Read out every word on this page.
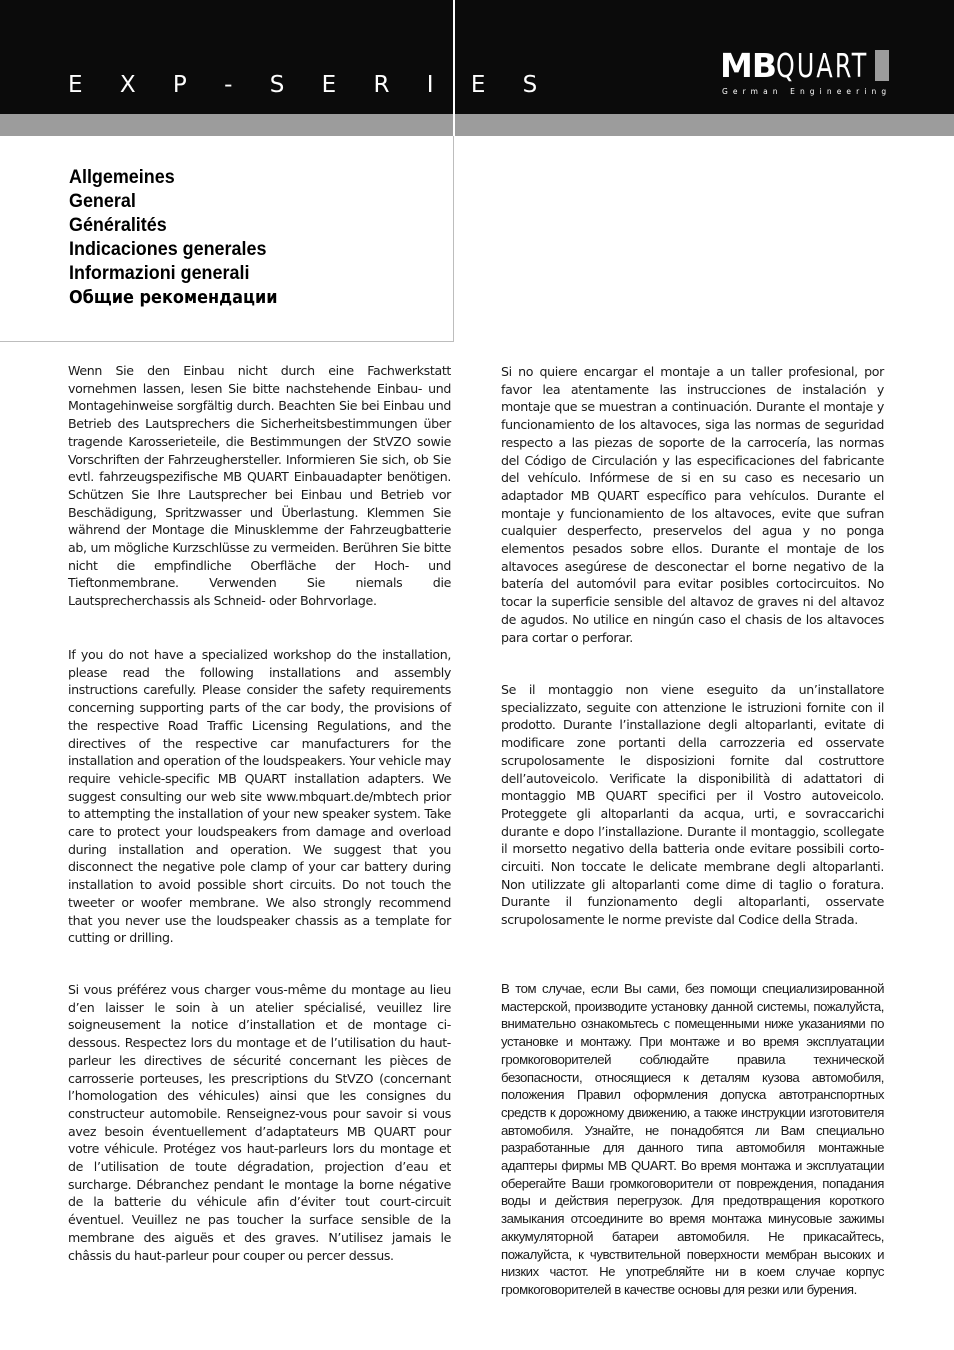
E X P - S E R I E S	MBQUART
German Engineering
Allgemeines
General
Généralités
Indicaciones generales
Informazioni generali
Общие рекомендации

Wenn Sie den Einbau nicht durch eine Fachwerkstatt vornehmen lassen, lesen Sie bitte nachstehende Einbau- und Montagehinweise sorgfältig durch. Beachten Sie bei Einbau und Betrieb des Lautsprechers die Sicherheitsbestimmungen über tragende Karosserieteile, die Bestimmungen der StVZO sowie Vorschriften der Fahrzeughersteller. Informieren Sie sich, ob Sie evtl. fahrzeugspezifische MB QUART Einbauadapter benötigen. Schützen Sie Ihre Lautsprecher bei Einbau und Betrieb vor Beschädigung, Spritzwasser und Überlastung. Klemmen Sie während der Montage die Minusklemme der Fahrzeugbatterie ab, um mögliche Kurzschlüsse zu vermeiden. Berühren Sie bitte nicht die empfindliche Oberfläche der Hoch- und Tieftonmembrane. Verwenden Sie niemals die Lautsprecherchassis als Schneid- oder Bohrvorlage.

If you do not have a specialized workshop do the installation, please read the following installations and assembly instructions carefully. Please consider the safety requirements concerning supporting parts of the car body, the provisions of the respective Road Traffic Licensing Regulations, and the directives of the respective car manufacturers for the installation and operation of the loudspeakers. Your vehicle may require vehicle-specific MB QUART installation adapters. We suggest consulting our web site www.mbquart.de/mbtech prior to attempting the installation of your new speaker system. Take care to protect your loudspeakers from damage and overload during installation and operation. We suggest that you disconnect the negative pole clamp of your car battery during installation to avoid possible short circuits. Do not touch the tweeter or woofer membrane. We also strongly recommend that you never use the loudspeaker chassis as a template for cutting or drilling.

Si vous préférez vous charger vous-même du montage au lieu d’en laisser le soin à un atelier spécialisé, veuillez lire soigneusement la notice d’installation et de montage ci-dessous. Respectez lors du montage et de l’utilisation du haut-parleur les directives de sécurité concernant les pièces de carrosserie porteuses, les prescriptions du StVZO (concernant l’homologation des véhicules) ainsi que les consignes du constructeur automobile. Renseignez-vous pour savoir si vous avez besoin éventuellement d’adaptateurs MB QUART pour votre véhicule. Protégez vos haut-parleurs lors du montage et de l’utilisation de toute dégradation, projection d’eau et surcharge. Débranchez pendant le montage la borne négative de la batterie du véhicule afin d’éviter tout court-circuit éventuel. Veuillez ne pas toucher la surface sensible de la membrane des aiguës et des graves. N’utilisez jamais le châssis du haut-parleur pour couper ou percer dessus.

Si no quiere encargar el montaje a un taller profesional, por favor lea atentamente las instrucciones de instalación y montaje que se muestran a continuación. Durante el montaje y funcionamiento de los altavoces, siga las normas de seguridad respecto a las piezas de soporte de la carrocería, las normas del Código de Circulación y las especificaciones del fabricante del vehículo. Infórmese de si en su caso es necesario un adaptador MB QUART específico para vehículos. Durante el montaje y funcionamiento de los altavoces, evite que sufran cualquier desperfecto, preservelos del agua y no ponga elementos pesados sobre ellos. Durante el montaje de los altavoces asegúrese de desconectar el borne negativo de la batería del automóvil para evitar posibles cortocircuitos. No tocar la superficie sensible del altavoz de graves ni del altavoz de agudos. No utilice en ningún caso el chasis de los altavoces para cortar o perforar.

Se il montaggio non viene eseguito da un’installatore specializzato, seguite con attenzione le istruzioni fornite con il prodotto. Durante l’installazione degli altoparlanti, evitate di modificare zone portanti della carrozzeria ed osservate scrupolosamente le disposizioni fornite dal costruttore dell’autoveicolo. Verificate la disponibilità di adattatori di montaggio MB QUART specifici per il Vostro autoveicolo. Proteggete gli altoparlanti da acqua, urti, e sovraccarichi durante e dopo l’installazione. Durante il montaggio, scollegate il morsetto negativo della batteria onde evitare possibili corto-circuiti. Non toccate le delicate membrane degli altoparlanti. Non utilizzate gli altoparlanti come dime di taglio o foratura. Durante il funzionamento degli altoparlanti, osservate scrupolosamente le norme previste dal Codice della Strada.

В том случае, если Вы сами, без помощи специализированной мастерской, производите установку данной системы, пожалуйста, внимательно ознакомьтесь с помещенными ниже указаниями по установке и монтажу. При монтаже и во время эксплуатации громкоговорителей соблюдайте правила технической безопасности, относящиеся к деталям кузова автомобиля, положения Правил оформления допуска автотранспортных средств к дорожному движению, а также инструкции изготовителя автомобиля. Узнайте, не понадобятся ли Вам специально разработанные для данного типа автомобиля монтажные адаптеры фирмы MB QUART. Во время монтажа и эксплуатации оберегайте Ваши громкоговорители от повреждения, попадания воды и действия перегрузок. Для предотвращения короткого замыкания отсоедините во время монтажа минусовые зажимы аккумуляторной батареи автомобиля. Не прикасайтесь, пожалуйста, к чувствительной поверхности мембран высоких и низких частот. Не употребляйте ни в коем случае корпус громкоговорителей в качестве основы для резки или бурения.
